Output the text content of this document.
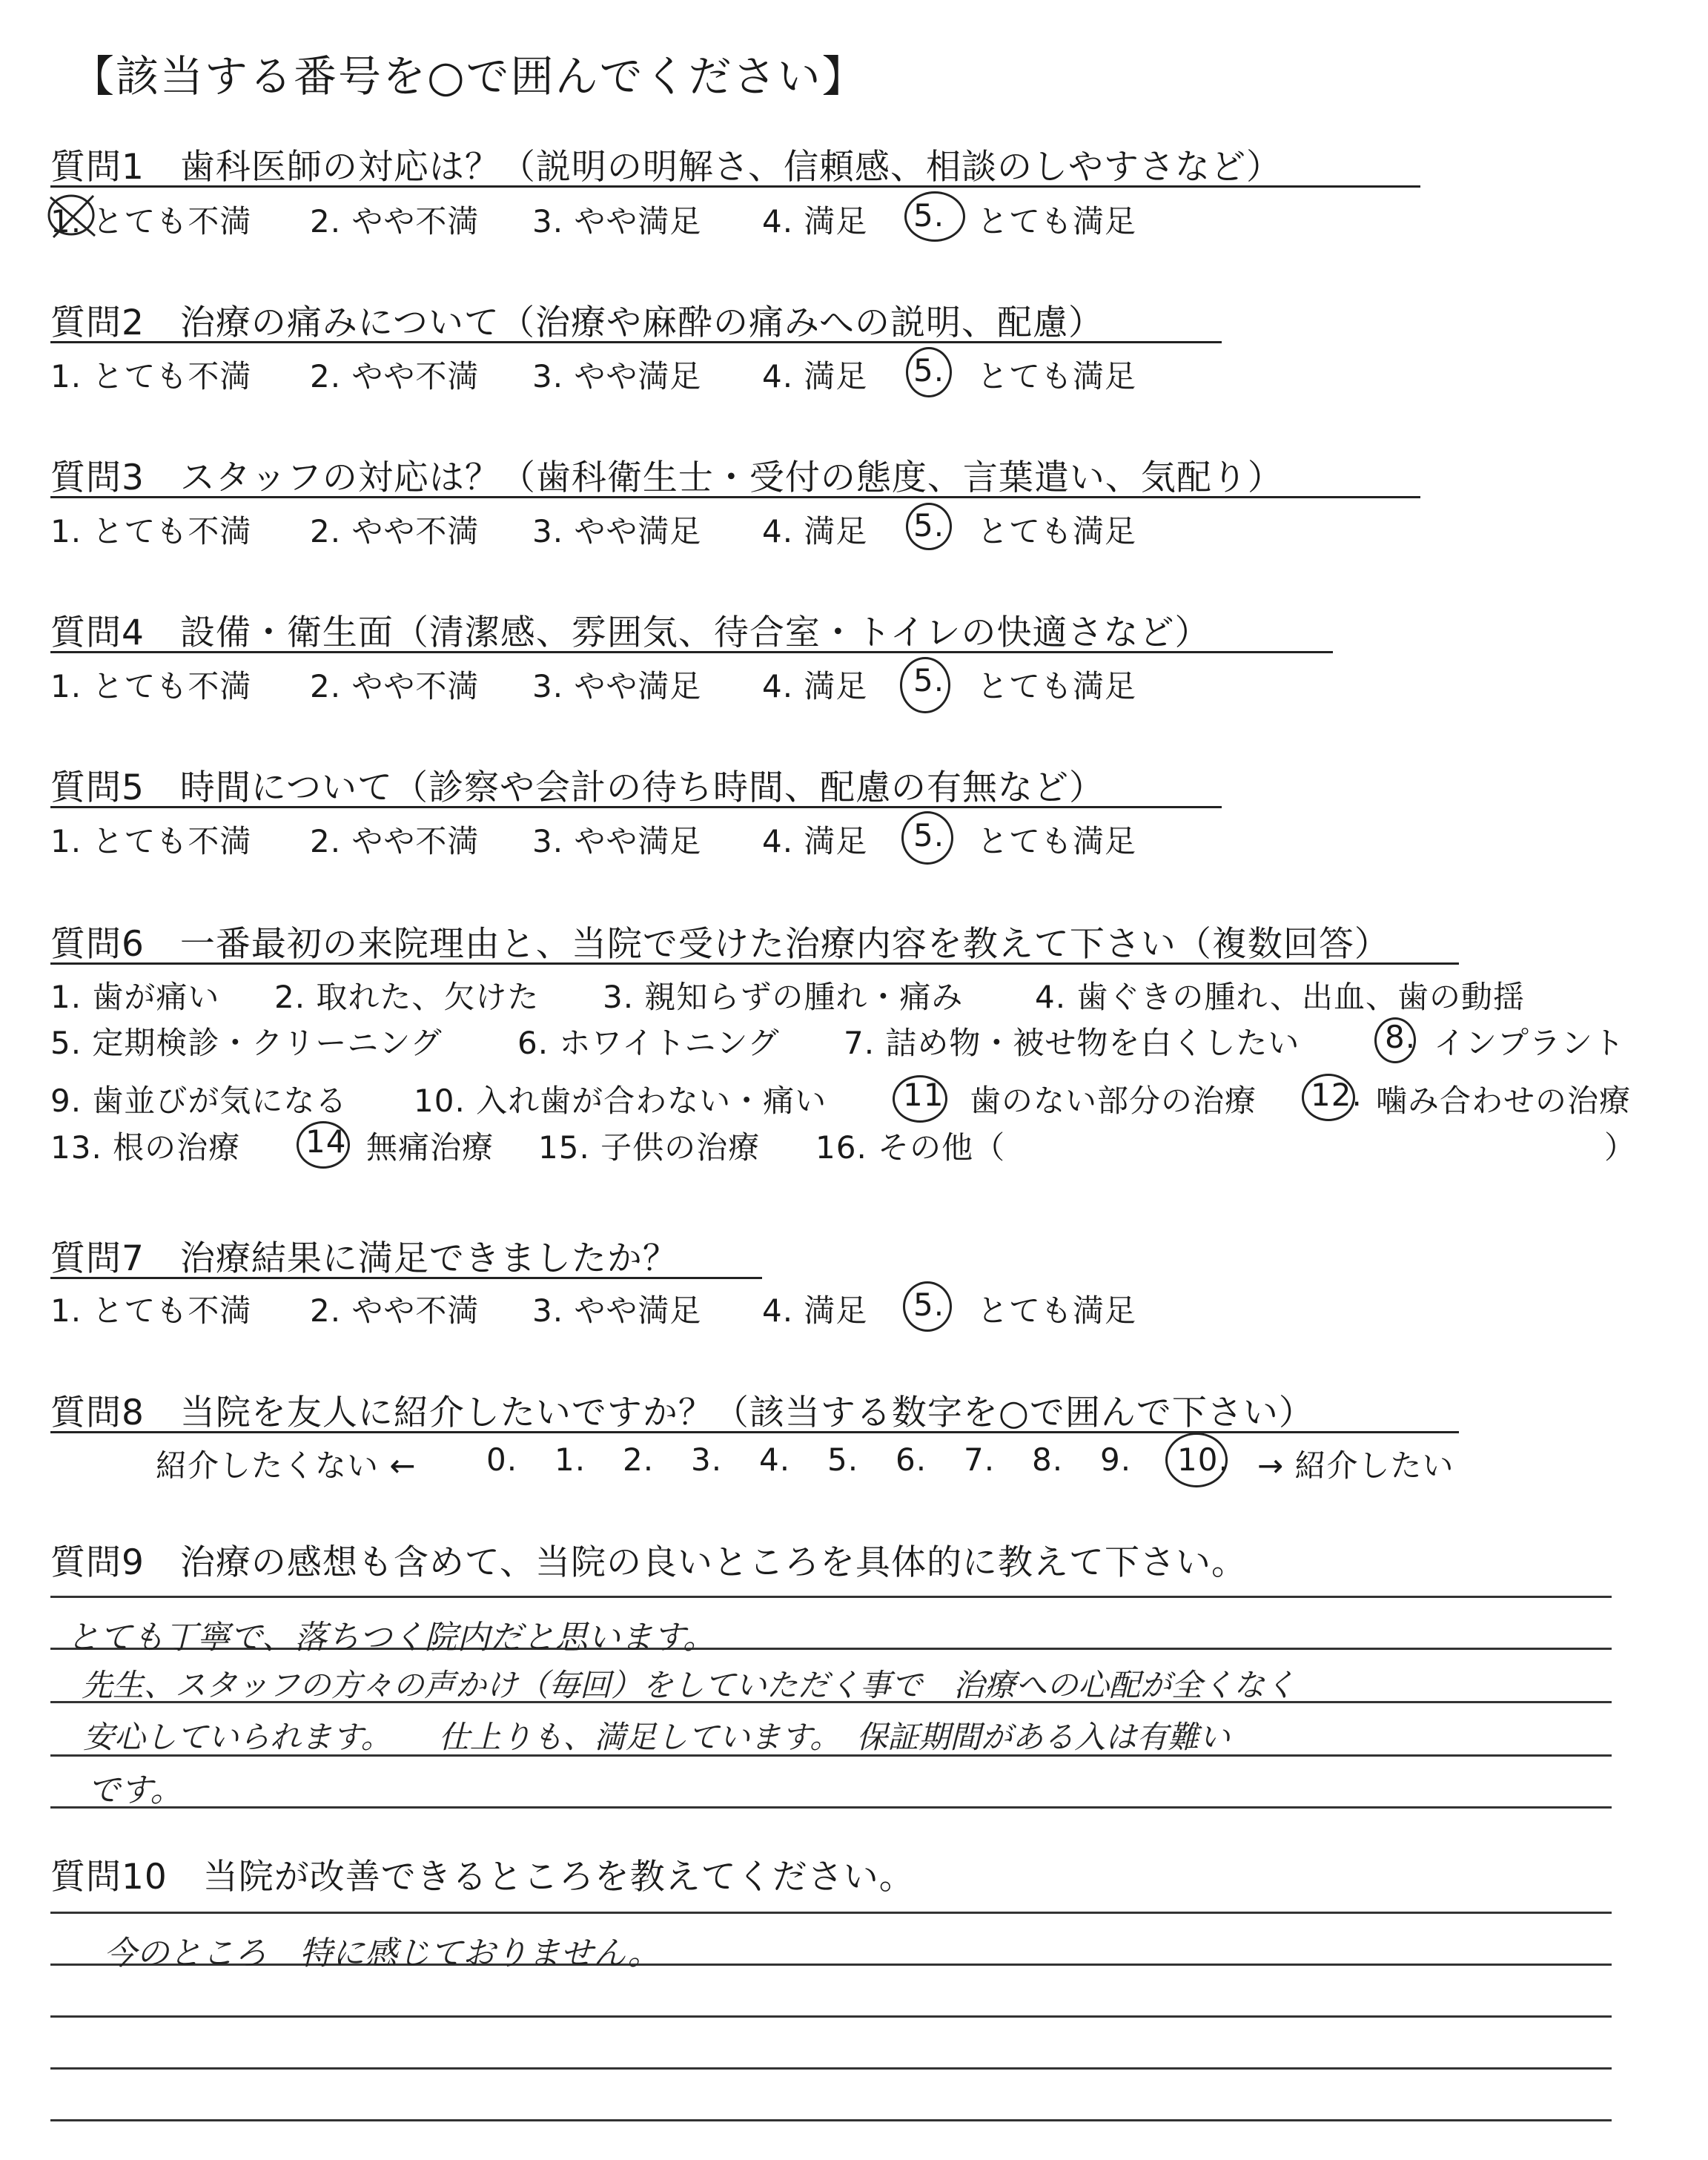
【該当する番号を○で囲んでください】
質問1　歯科医師の対応は？（説明の明解さ、信頼感、相談のしやすさなど）
1. とても不満 2. やや不満 3. やや満足 4. 満足 5. とても満足
質問2　治療の痛みについて（治療や麻酔の痛みへの説明、配慮）
1. とても不満 2. やや不満 3. やや満足 4. 満足 5. とても満足
質問3　スタッフの対応は？（歯科衛生士・受付の態度、言葉遣い、気配り）
1. とても不満 2. やや不満 3. やや満足 4. 満足 5. とても満足
質問4　設備・衛生面（清潔感、雰囲気、待合室・トイレの快適さなど）
1. とても不満 2. やや不満 3. やや満足 4. 満足 5. とても満足
質問5　時間について（診察や会計の待ち時間、配慮の有無など）
1. とても不満 2. やや不満 3. やや満足 4. 満足 5. とても満足
質問6　一番最初の来院理由と、当院で受けた治療内容を教えて下さい（複数回答）
1. 歯が痛い 2. 取れた、欠けた 3. 親知らずの腫れ・痛み 4. 歯ぐきの腫れ、出血、歯の動揺
5. 定期検診・クリーニング 6. ホワイトニング 7. 詰め物・被せ物を白くしたい	8. インプラント
9. 歯並びが気になる 10. 入れ歯が合わない・痛い 11 歯のない部分の治療 12. 噛み合わせの治療
13. 根の治療 14 無痛治療 15. 子供の治療 16. その他（	）
質問7　治療結果に満足できましたか？
1. とても不満 2. やや不満 3. やや満足 4. 満足 5. とても満足
質問8　当院を友人に紹介したいですか？（該当する数字を○で囲んで下さい）
紹介したくない ← 0. 1. 2. 3. 4. 5. 6. 7. 8. 9. 10. → 紹介したい
質問9　治療の感想も含めて、当院の良いところを具体的に教えて下さい。
とても丁寧で、落ちつく院内だと思います。
先生、スタッフの方々の声かけ（毎回）をしていただく事で　治療への心配が全くなく
安心していられます。　　仕上りも、満足しています。　保証期間がある入は有難い
です。
質問10　当院が改善できるところを教えてください。
今のところ　特に感じておりません。
